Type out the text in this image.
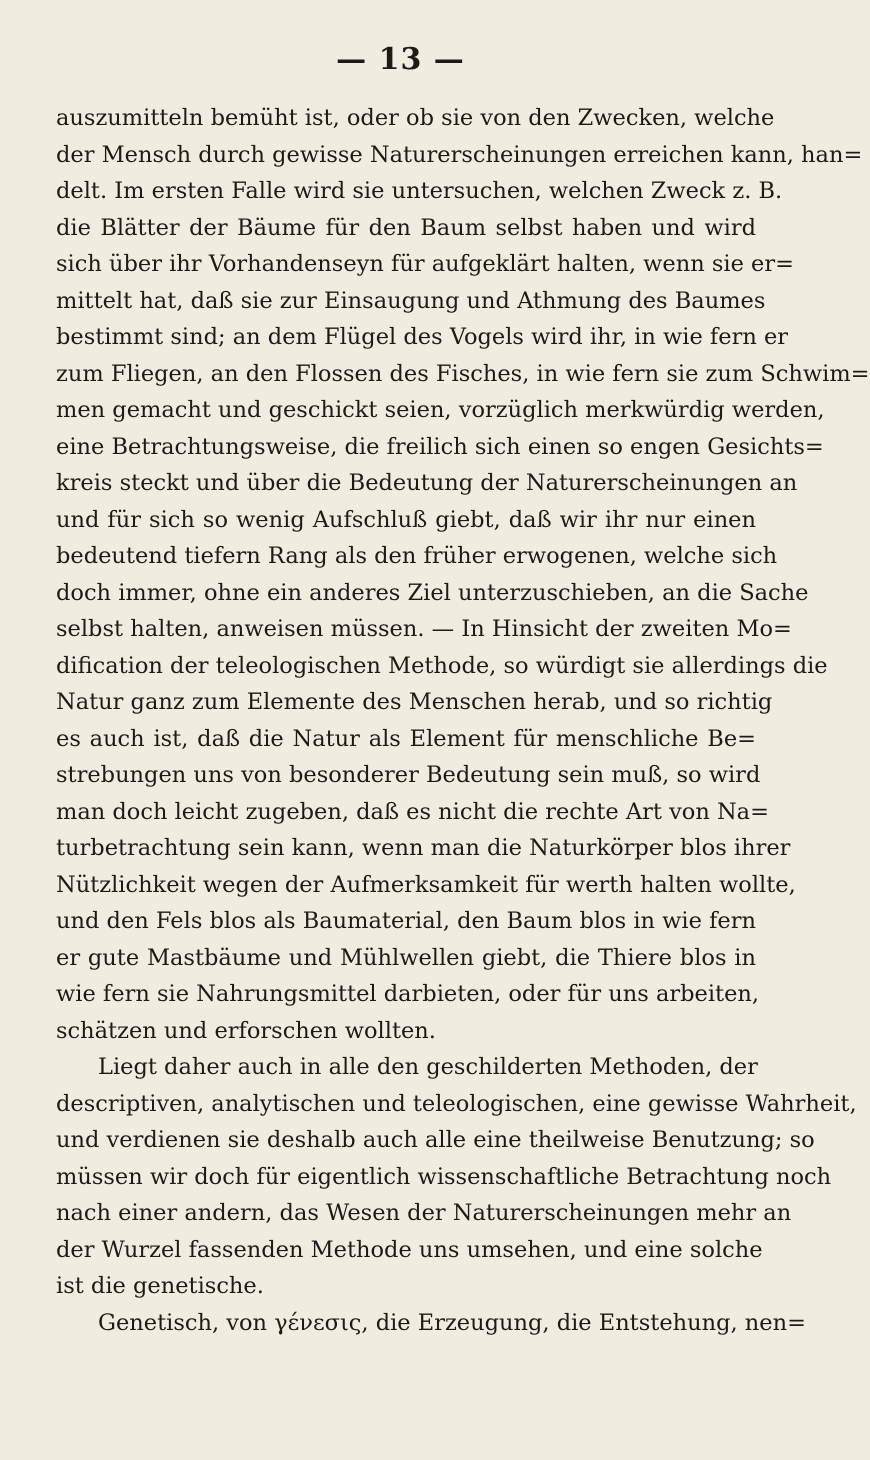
— 13 —
auszumitteln bemüht ist, oder ob sie von den Zwecken, welche
der Mensch durch gewisse Naturerscheinungen erreichen kann, han=
delt. Im ersten Falle wird sie untersuchen, welchen Zweck z. B.
die Blätter der Bäume für den Baum selbst haben und wird
sich über ihr Vorhandenseyn für aufgeklärt halten, wenn sie er=
mittelt hat, daß sie zur Einsaugung und Athmung des Baumes
bestimmt sind; an dem Flügel des Vogels wird ihr, in wie fern er
zum Fliegen, an den Flossen des Fisches, in wie fern sie zum Schwim=
men gemacht und geschickt seien, vorzüglich merkwürdig werden,
eine Betrachtungsweise, die freilich sich einen so engen Gesichts=
kreis steckt und über die Bedeutung der Naturerscheinungen an
und für sich so wenig Aufschluß giebt, daß wir ihr nur einen
bedeutend tiefern Rang als den früher erwogenen, welche sich
doch immer, ohne ein anderes Ziel unterzuschieben, an die Sache
selbst halten, anweisen müssen. — In Hinsicht der zweiten Mo=
dification der teleologischen Methode, so würdigt sie allerdings die
Natur ganz zum Elemente des Menschen herab, und so richtig
es auch ist, daß die Natur als Element für menschliche Be=
strebungen uns von besonderer Bedeutung sein muß, so wird
man doch leicht zugeben, daß es nicht die rechte Art von Na=
turbetrachtung sein kann, wenn man die Naturkörper blos ihrer
Nützlichkeit wegen der Aufmerksamkeit für werth halten wollte,
und den Fels blos als Baumaterial, den Baum blos in wie fern
er gute Mastbäume und Mühlwellen giebt, die Thiere blos in
wie fern sie Nahrungsmittel darbieten, oder für uns arbeiten,
schätzen und erforschen wollten.
Liegt daher auch in alle den geschilderten Methoden, der
descriptiven, analytischen und teleologischen, eine gewisse Wahrheit,
und verdienen sie deshalb auch alle eine theilweise Benutzung; so
müssen wir doch für eigentlich wissenschaftliche Betrachtung noch
nach einer andern, das Wesen der Naturerscheinungen mehr an
der Wurzel fassenden Methode uns umsehen, und eine solche
ist die genetische.
Genetisch, von γένεσις, die Erzeugung, die Entstehung, nen=
